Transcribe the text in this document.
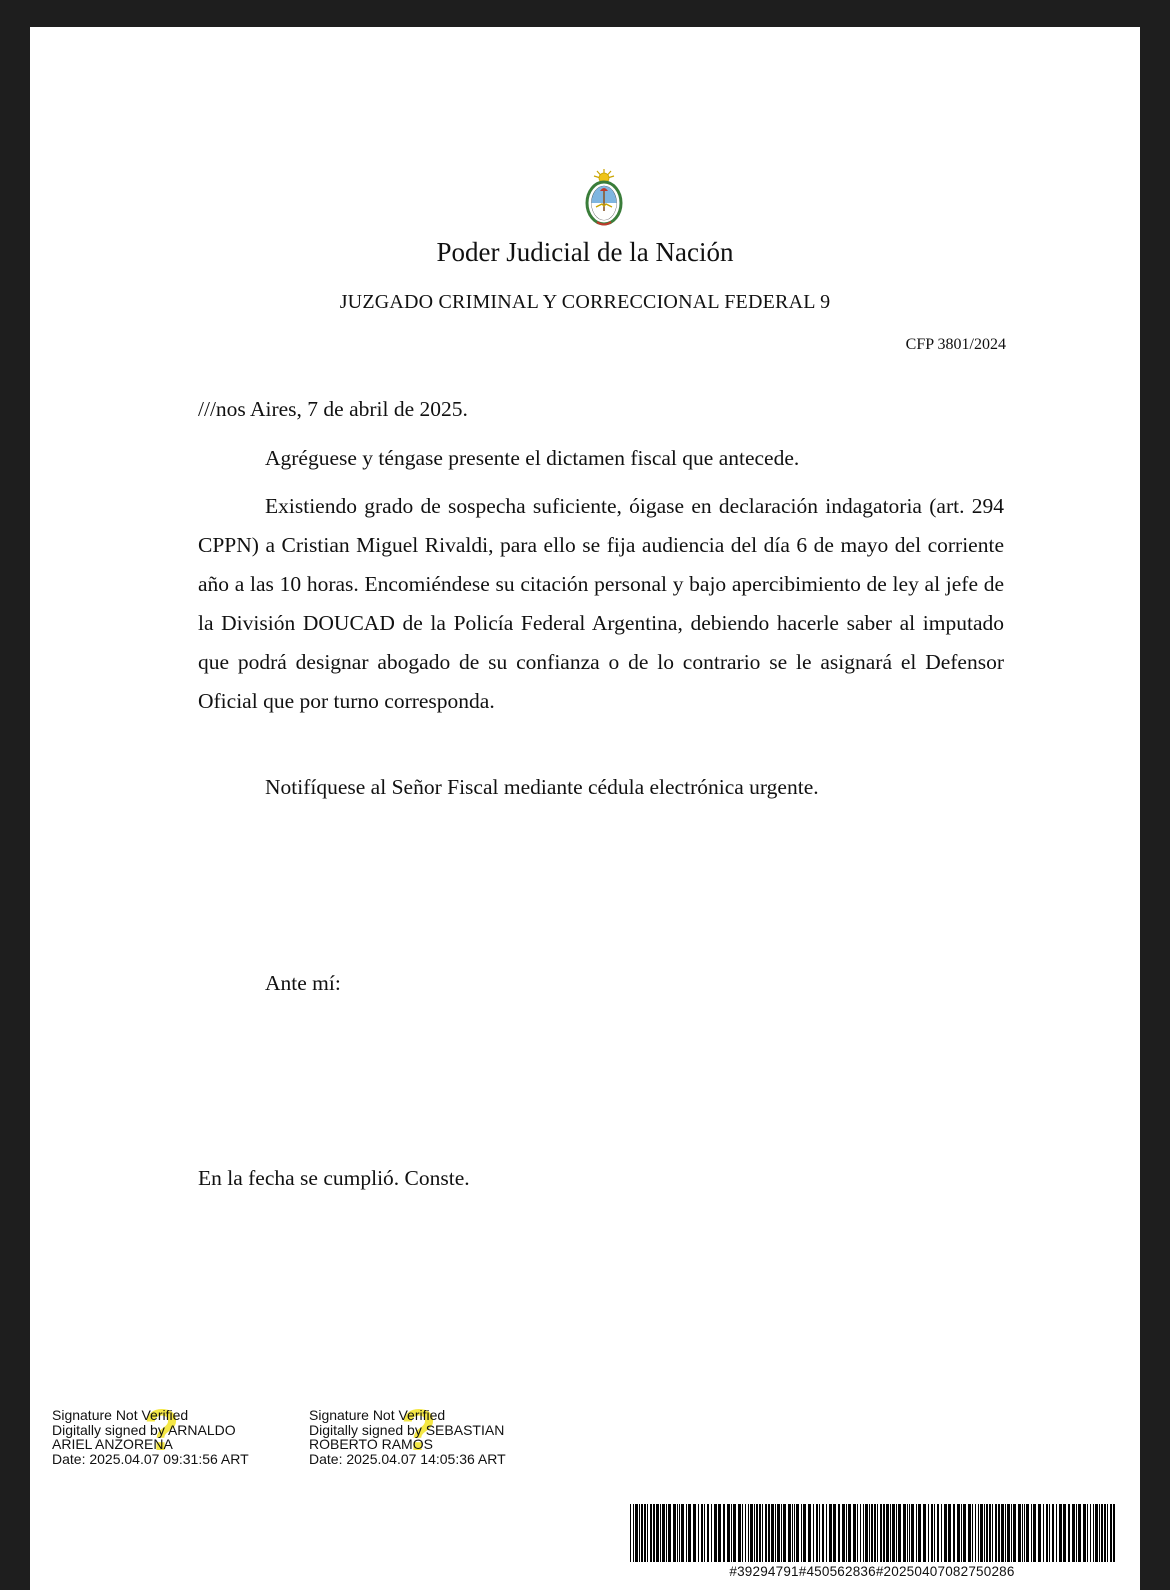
Poder Judicial de la Nación
JUZGADO CRIMINAL Y CORRECCIONAL FEDERAL 9
CFP 3801/2024
///nos Aires, 7 de abril de 2025.
Agréguese y téngase presente el dictamen fiscal que antecede.
Existiendo grado de sospecha suficiente, óigase en declaración indagatoria (art. 294 CPPN) a Cristian Miguel Rivaldi, para ello se fija audiencia del día 6 de mayo del corriente año a las 10 horas. Encomiéndese su citación personal y bajo apercibimiento de ley al jefe de la División DOUCAD de la Policía Federal Argentina, debiendo hacerle saber al imputado que podrá designar abogado de su confianza o de lo contrario se le asignará el Defensor Oficial que por turno corresponda.
Notifíquese al Señor Fiscal mediante cédula electrónica urgente.
Ante mí:
En la fecha se cumplió. Conste.
?
Signature Not Verified
Digitally signed by ARNALDO
ARIEL ANZORENA
Date: 2025.04.07 09:31:56 ART	?
Signature Not Verified
Digitally signed by SEBASTIAN
ROBERTO RAMOS
Date: 2025.04.07 14:05:36 ART
#39294791#450562836#20250407082750286
